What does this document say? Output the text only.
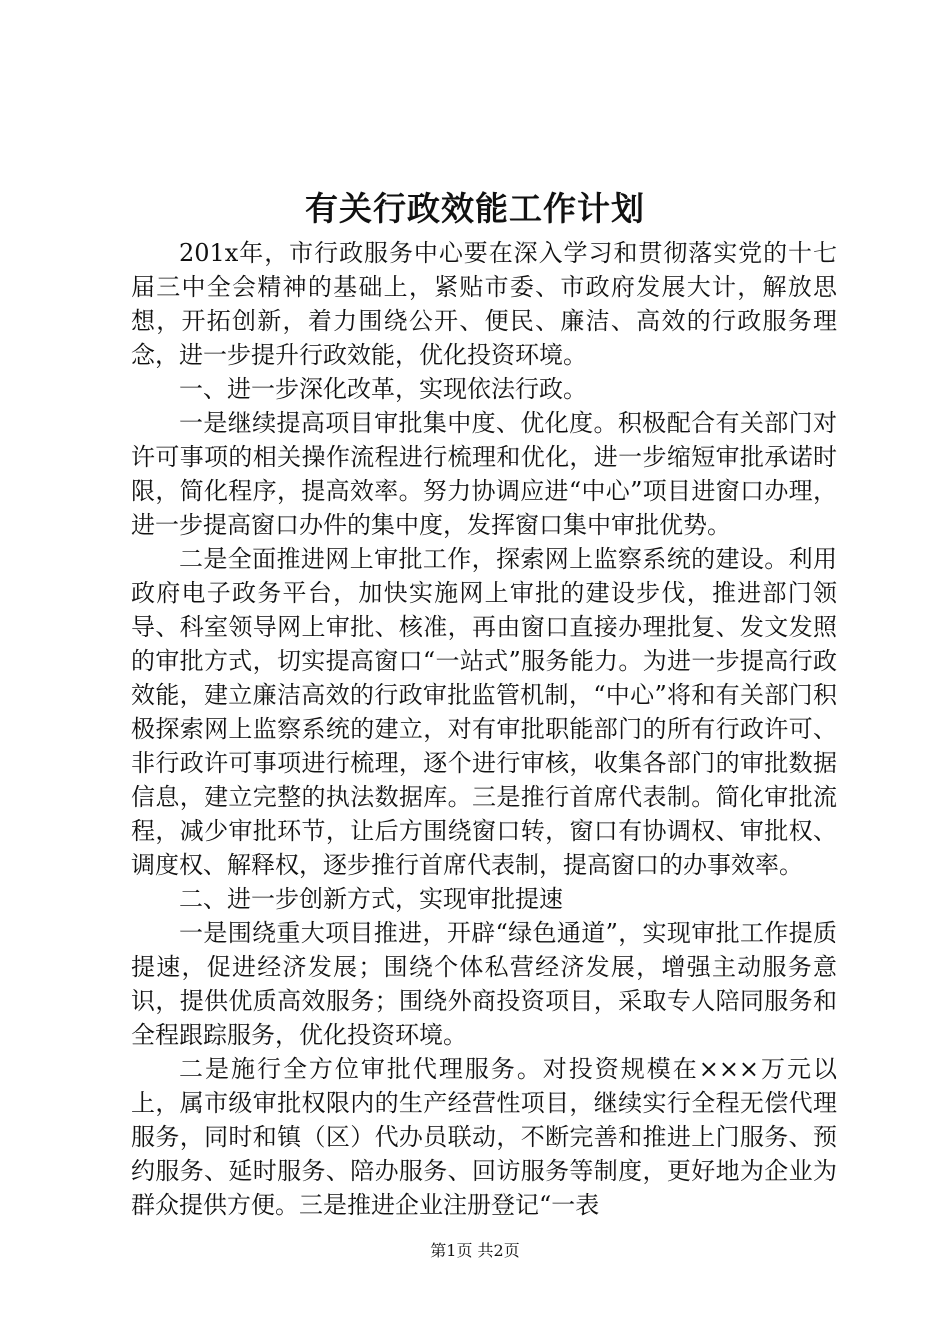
有关行政效能工作计划

201x年，市行政服务中心要在深入学习和贯彻落实党的十七届三中全会精神的基础上，紧贴市委、市政府发展大计，解放思想，开拓创新，着力围绕公开、便民、廉洁、高效的行政服务理念，进一步提升行政效能，优化投资环境。

一、进一步深化改革，实现依法行政。

一是继续提高项目审批集中度、优化度。积极配合有关部门对许可事项的相关操作流程进行梳理和优化，进一步缩短审批承诺时限，简化程序，提高效率。努力协调应进“中心”项目进窗口办理，进一步提高窗口办件的集中度，发挥窗口集中审批优势。

二是全面推进网上审批工作，探索网上监察系统的建设。利用政府电子政务平台，加快实施网上审批的建设步伐，推进部门领导、科室领导网上审批、核准，再由窗口直接办理批复、发文发照的审批方式，切实提高窗口“一站式”服务能力。为进一步提高行政效能，建立廉洁高效的行政审批监管机制，“中心”将和有关部门积极探索网上监察系统的建立，对有审批职能部门的所有行政许可、非行政许可事项进行梳理，逐个进行审核，收集各部门的审批数据信息，建立完整的执法数据库。三是推行首席代表制。简化审批流程，减少审批环节，让后方围绕窗口转，窗口有协调权、审批权、调度权、解释权，逐步推行首席代表制，提高窗口的办事效率。

二、进一步创新方式，实现审批提速

一是围绕重大项目推进，开辟“绿色通道”，实现审批工作提质提速，促进经济发展；围绕个体私营经济发展，增强主动服务意识，提供优质高效服务；围绕外商投资项目，采取专人陪同服务和全程跟踪服务，优化投资环境。

二是施行全方位审批代理服务。对投资规模在×××万元以上，属市级审批权限内的生产经营性项目，继续实行全程无偿代理服务，同时和镇（区）代办员联动，不断完善和推进上门服务、预约服务、延时服务、陪办服务、回访服务等制度，更好地为企业为群众提供方便。三是推进企业注册登记“一表

第1页 共2页
